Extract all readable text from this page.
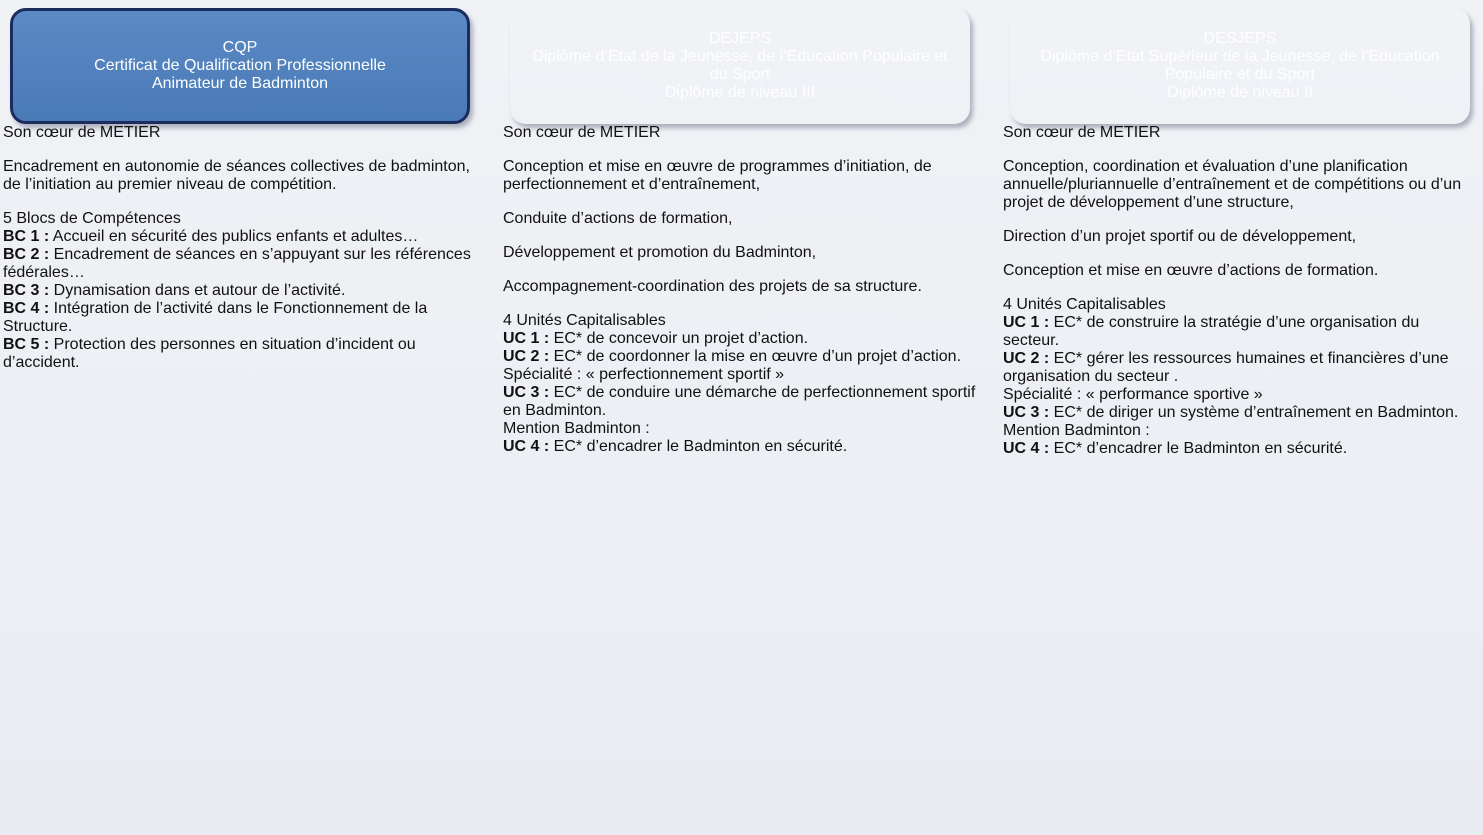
CQP
Certificat de Qualification Professionnelle
Animateur de Badminton
Son cœur de METIER

Encadrement en autonomie de séances collectives de badminton, de l’initiation au premier niveau de compétition.

5 Blocs de Compétences
BC 1 : Accueil en sécurité des publics enfants et adultes…
BC 2 : Encadrement de séances en s’appuyant sur les références fédérales…
BC 3 : Dynamisation dans et autour de l’activité.
BC 4 : Intégration de l’activité dans le Fonctionnement de la Structure.
BC 5 : Protection des personnes en situation d’incident ou d’accident.
DEJEPS
Diplôme d’Etat de la Jeunesse, de l’Education Populaire et du Sport
Diplôme de niveau III
Son cœur de METIER

Conception et mise en œuvre de programmes d’initiation, de perfectionnement et d’entraînement,

Conduite d’actions de formation,

Développement et promotion du Badminton,

Accompagnement-coordination des projets de sa structure.

4 Unités Capitalisables
UC 1 : EC* de concevoir un projet d’action.
UC 2 : EC* de coordonner la mise en œuvre d’un projet d’action.
Spécialité : « perfectionnement sportif »
UC 3 : EC* de conduire une démarche de perfectionnement sportif en Badminton.
Mention Badminton :
UC 4 : EC* d’encadrer le Badminton en sécurité.
DESJEPS
Diplôme d’Etat Supérieur de la Jeunesse, de l’Education Populaire et du Sport
Diplôme de niveau II
Son cœur de METIER

Conception, coordination et évaluation d’une planification annuelle/pluriannuelle d’entraînement et de compétitions ou d’un projet de développement d’une structure,

Direction d’un projet sportif ou de développement,

Conception et mise en œuvre d’actions de formation.

4 Unités Capitalisables
UC 1 : EC* de construire la stratégie d’une organisation du secteur.
UC 2 : EC* gérer les ressources humaines et financières d’une organisation du secteur .
Spécialité : « performance sportive »
UC 3 : EC* de diriger un système d’entraînement en Badminton.
Mention Badminton :
UC 4 : EC* d’encadrer le Badminton en sécurité.
